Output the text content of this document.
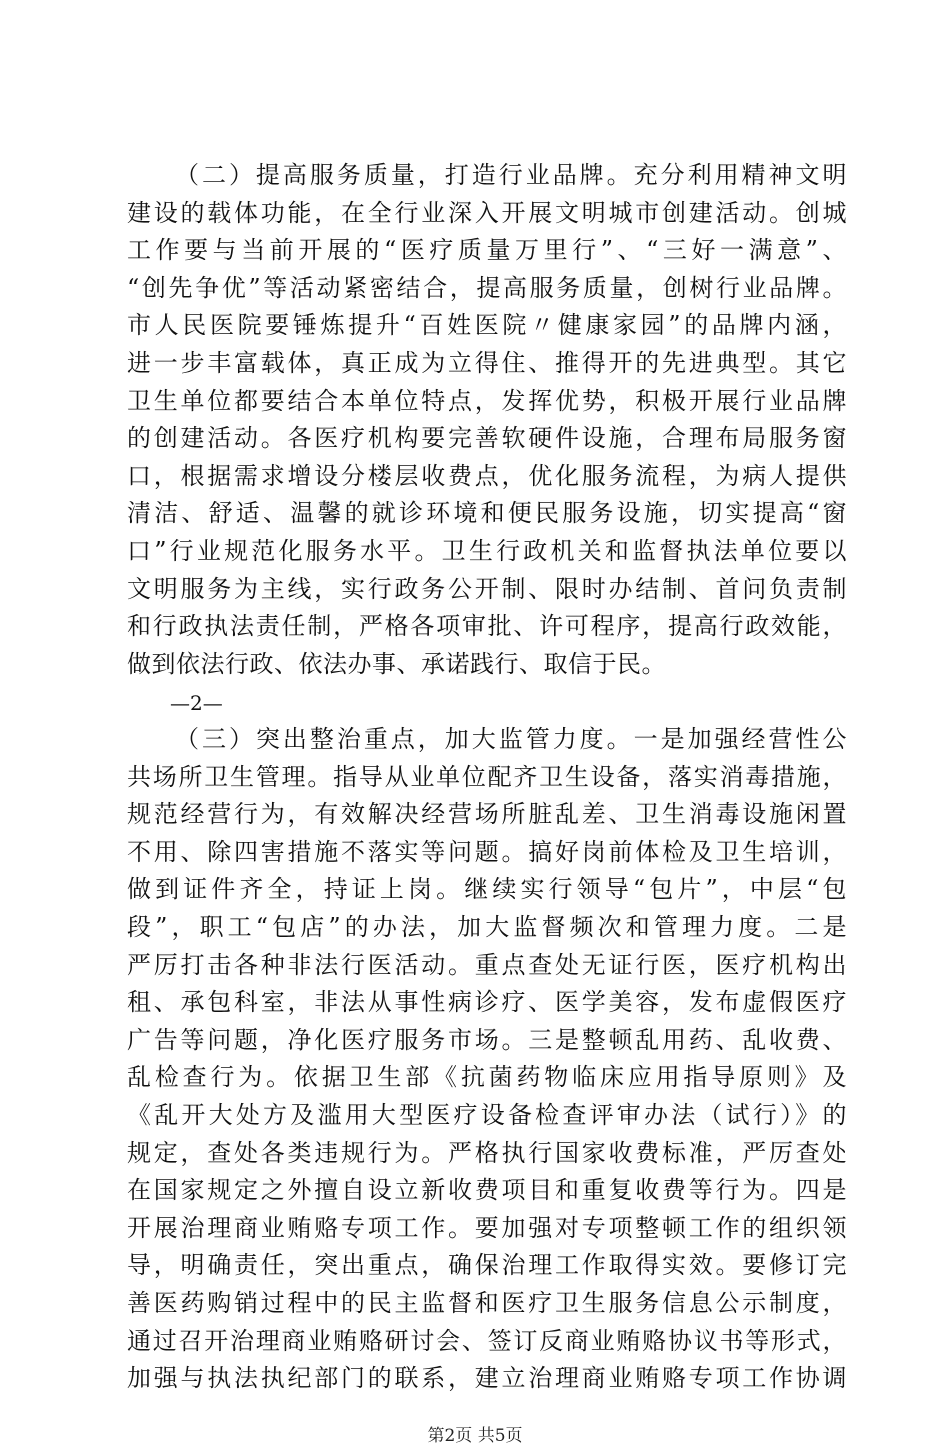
（二）提高服务质量，打造行业品牌。充分利用精神文明
建设的载体功能，在全行业深入开展文明城市创建活动。创城
工作要与当前开展的“医疗质量万里行”、“三好一满意”、
“创先争优”等活动紧密结合，提高服务质量，创树行业品牌。
市人民医院要锤炼提升“百姓医院〃健康家园”的品牌内涵，
进一步丰富载体，真正成为立得住、推得开的先进典型。其它
卫生单位都要结合本单位特点，发挥优势，积极开展行业品牌
的创建活动。各医疗机构要完善软硬件设施，合理布局服务窗
口，根据需求增设分楼层收费点，优化服务流程，为病人提供
清洁、舒适、温馨的就诊环境和便民服务设施，切实提高“窗
口”行业规范化服务水平。卫生行政机关和监督执法单位要以
文明服务为主线，实行政务公开制、限时办结制、首问负责制
和行政执法责任制，严格各项审批、许可程序，提高行政效能，
做到依法行政、依法办事、承诺践行、取信于民。
—2—
（三）突出整治重点，加大监管力度。一是加强经营性公
共场所卫生管理。指导从业单位配齐卫生设备，落实消毒措施，
规范经营行为，有效解决经营场所脏乱差、卫生消毒设施闲置
不用、除四害措施不落实等问题。搞好岗前体检及卫生培训，
做到证件齐全，持证上岗。继续实行领导“包片”，中层“包
段”，职工“包店”的办法，加大监督频次和管理力度。二是
严厉打击各种非法行医活动。重点查处无证行医，医疗机构出
租、承包科室，非法从事性病诊疗、医学美容，发布虚假医疗
广告等问题，净化医疗服务市场。三是整顿乱用药、乱收费、
乱检查行为。依据卫生部《抗菌药物临床应用指导原则》及
《乱开大处方及滥用大型医疗设备检查评审办法（试行）》的
规定，查处各类违规行为。严格执行国家收费标准，严厉查处
在国家规定之外擅自设立新收费项目和重复收费等行为。四是
开展治理商业贿赂专项工作。要加强对专项整顿工作的组织领
导，明确责任，突出重点，确保治理工作取得实效。要修订完
善医药购销过程中的民主监督和医疗卫生服务信息公示制度，
通过召开治理商业贿赂研讨会、签订反商业贿赂协议书等形式，
加强与执法执纪部门的联系，建立治理商业贿赂专项工作协调
第2页 共5页
